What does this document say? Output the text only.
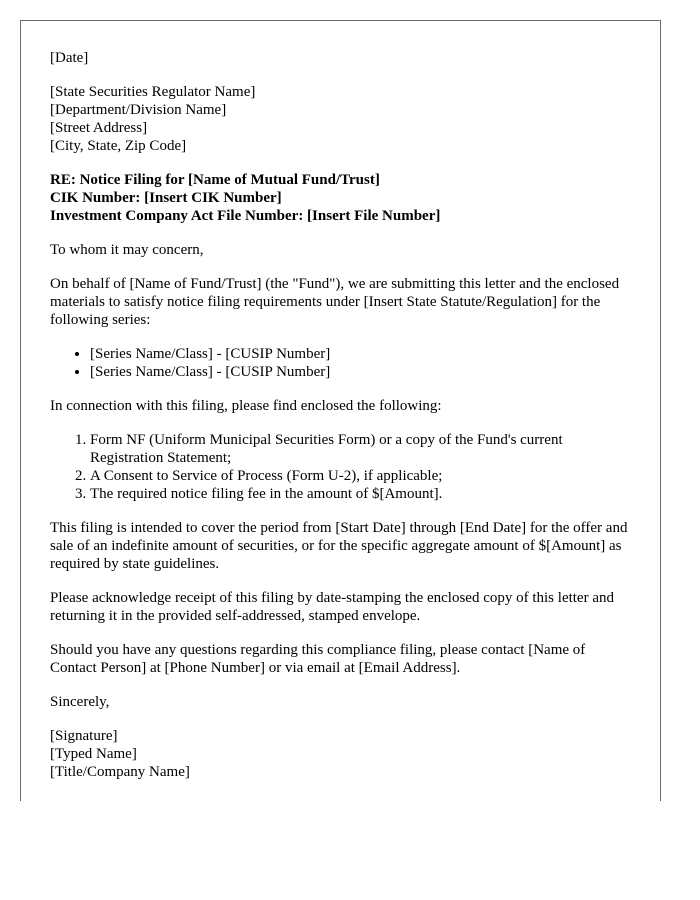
[Date]

[State Securities Regulator Name]
[Department/Division Name]
[Street Address]
[City, State, Zip Code]
RE: Notice Filing for [Name of Mutual Fund/Trust]
CIK Number: [Insert CIK Number]
Investment Company Act File Number: [Insert File Number]

To whom it may concern,

On behalf of [Name of Fund/Trust] (the "Fund"), we are submitting this letter and the enclosed materials to satisfy notice filing requirements under [Insert State Statute/Regulation] for the following series:

• [Series Name/Class] - [CUSIP Number]
• [Series Name/Class] - [CUSIP Number]

In connection with this filing, please find enclosed the following:

1. Form NF (Uniform Municipal Securities Form) or a copy of the Fund's current Registration Statement;
2. A Consent to Service of Process (Form U-2), if applicable;
3. The required notice filing fee in the amount of $[Amount].

This filing is intended to cover the period from [Start Date] through [End Date] for the offer and sale of an indefinite amount of securities, or for the specific aggregate amount of $[Amount] as required by state guidelines.

Please acknowledge receipt of this filing by date-stamping the enclosed copy of this letter and returning it in the provided self-addressed, stamped envelope.

Should you have any questions regarding this compliance filing, please contact [Name of Contact Person] at [Phone Number] or via email at [Email Address].

Sincerely,

[Signature]
[Typed Name]
[Title/Company Name]
